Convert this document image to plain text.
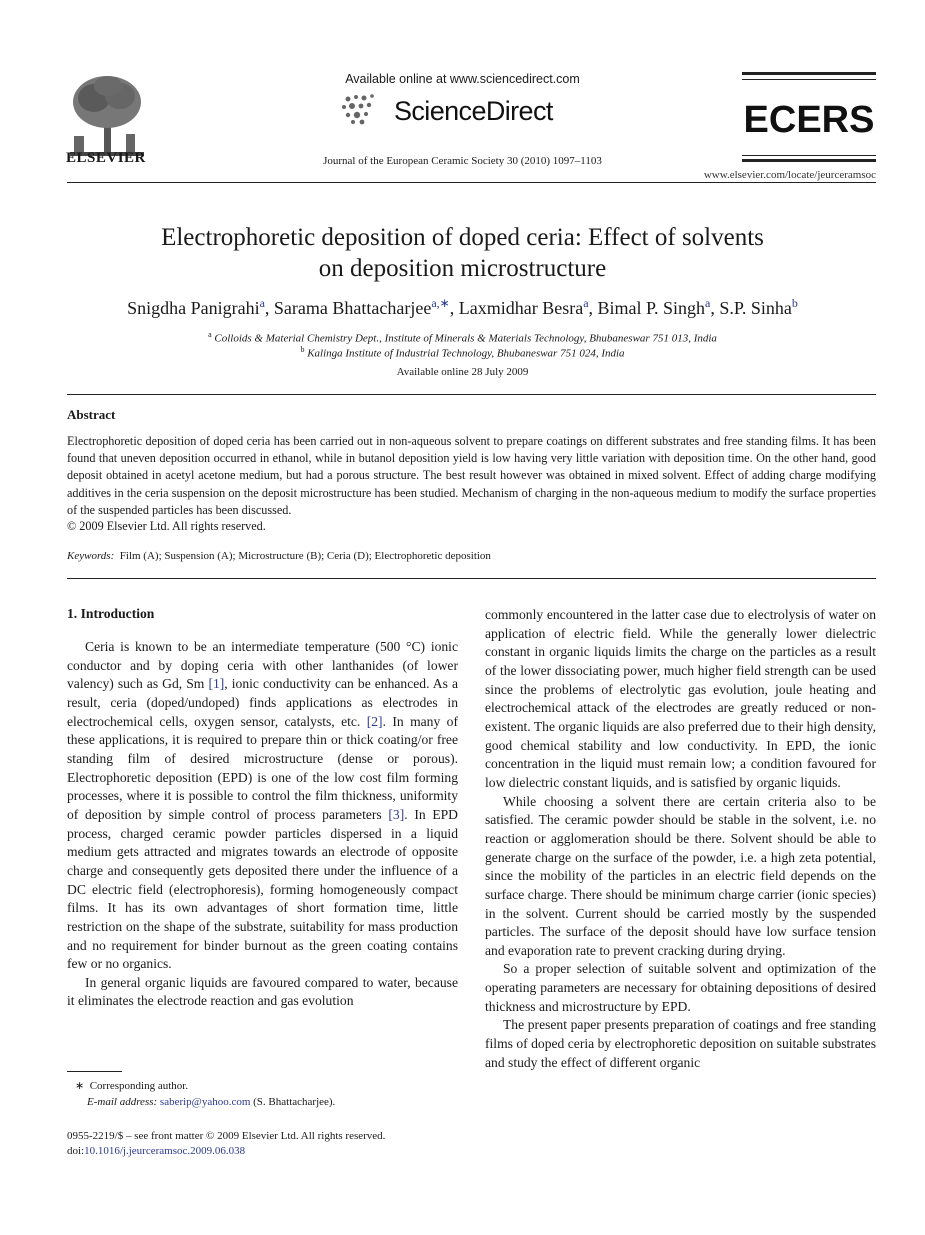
ELSEVIER
Available online at www.sciencedirect.com
ScienceDirect
Journal of the European Ceramic Society 30 (2010) 1097–1103
ECERS
www.elsevier.com/locate/jeurceramsoc
Electrophoretic deposition of doped ceria: Effect of solvents
on deposition microstructure
Snigdha Panigrahi$^a$, Sarama Bhattacharjee$^{a,∗}$, Laxmidhar Besra$^a$, Bimal P. Singh$^a$, S.P. Sinha$^b$
$^a$ Colloids & Material Chemistry Dept., Institute of Minerals & Materials Technology, Bhubaneswar 751 013, India
$^b$ Kalinga Institute of Industrial Technology, Bhubaneswar 751 024, India
Available online 28 July 2009
Abstract
Electrophoretic deposition of doped ceria has been carried out in non-aqueous solvent to prepare coatings on different substrates and free standing films. It has been found that uneven deposition occurred in ethanol, while in butanol deposition yield is low having very little variation with deposition time. On the other hand, good deposit obtained in acetyl acetone medium, but had a porous structure. The best result however was obtained in mixed solvent. Effect of adding charge modifying additives in the ceria suspension on the deposit microstructure has been studied. Mechanism of charging in the non-aqueous medium to modify the surface properties of the suspended particles has been discussed.
© 2009 Elsevier Ltd. All rights reserved.
Keywords: Film (A); Suspension (A); Microstructure (B); Ceria (D); Electrophoretic deposition
1. Introduction

Ceria is known to be an intermediate temperature (500 °C) ionic conductor and by doping ceria with other lanthanides (of lower valency) such as Gd, Sm [1], ionic conductivity can be enhanced. As a result, ceria (doped/undoped) finds applications as electrodes in electrochemical cells, oxygen sensor, catalysts, etc. [2]. In many of these applications, it is required to prepare thin or thick coating/or free standing film of desired microstructure (dense or porous). Electrophoretic deposition (EPD) is one of the low cost film forming processes, where it is possible to control the film thickness, uniformity of deposition by simple control of process parameters [3]. In EPD process, charged ceramic powder particles dispersed in a liquid medium gets attracted and migrates towards an electrode of opposite charge and consequently gets deposited there under the influence of a DC electric field (electrophoresis), forming homogeneously compact films. It has its own advantages of short formation time, little restriction on the shape of the substrate, suitability for mass production and no requirement for binder burnout as the green coating contains few or no organics.

In general organic liquids are favoured compared to water, because it eliminates the electrode reaction and gas evolution

commonly encountered in the latter case due to electrolysis of water on application of electric field. While the generally lower dielectric constant in organic liquids limits the charge on the particles as a result of the lower dissociating power, much higher field strength can be used since the problems of electrolytic gas evolution, joule heating and electrochemical attack of the electrodes are greatly reduced or non-existent. The organic liquids are also preferred due to their high density, good chemical stability and low conductivity. In EPD, the ionic concentration in the liquid must remain low; a condition favoured for low dielectric constant liquids, and is satisfied by organic liquids.

While choosing a solvent there are certain criteria also to be satisfied. The ceramic powder should be stable in the solvent, i.e. no reaction or agglomeration should be there. Solvent should be able to generate charge on the surface of the powder, i.e. a high zeta potential, since the mobility of the particles in an electric field depends on the surface charge. There should be minimum charge carrier (ionic species) in the solvent. Current should be carried mostly by the suspended particles. The surface of the deposit should have low surface tension and evaporation rate to prevent cracking during drying.

So a proper selection of suitable solvent and optimization of the operating parameters are necessary for obtaining depositions of desired thickness and microstructure by EPD.

The present paper presents preparation of coatings and free standing films of doped ceria by electrophoretic deposition on suitable substrates and study the effect of different organic

∗ Corresponding author.
E-mail address: saberip@yahoo.com (S. Bhattacharjee).
0955-2219/$ – see front matter © 2009 Elsevier Ltd. All rights reserved.
doi:10.1016/j.jeurceramsoc.2009.06.038
